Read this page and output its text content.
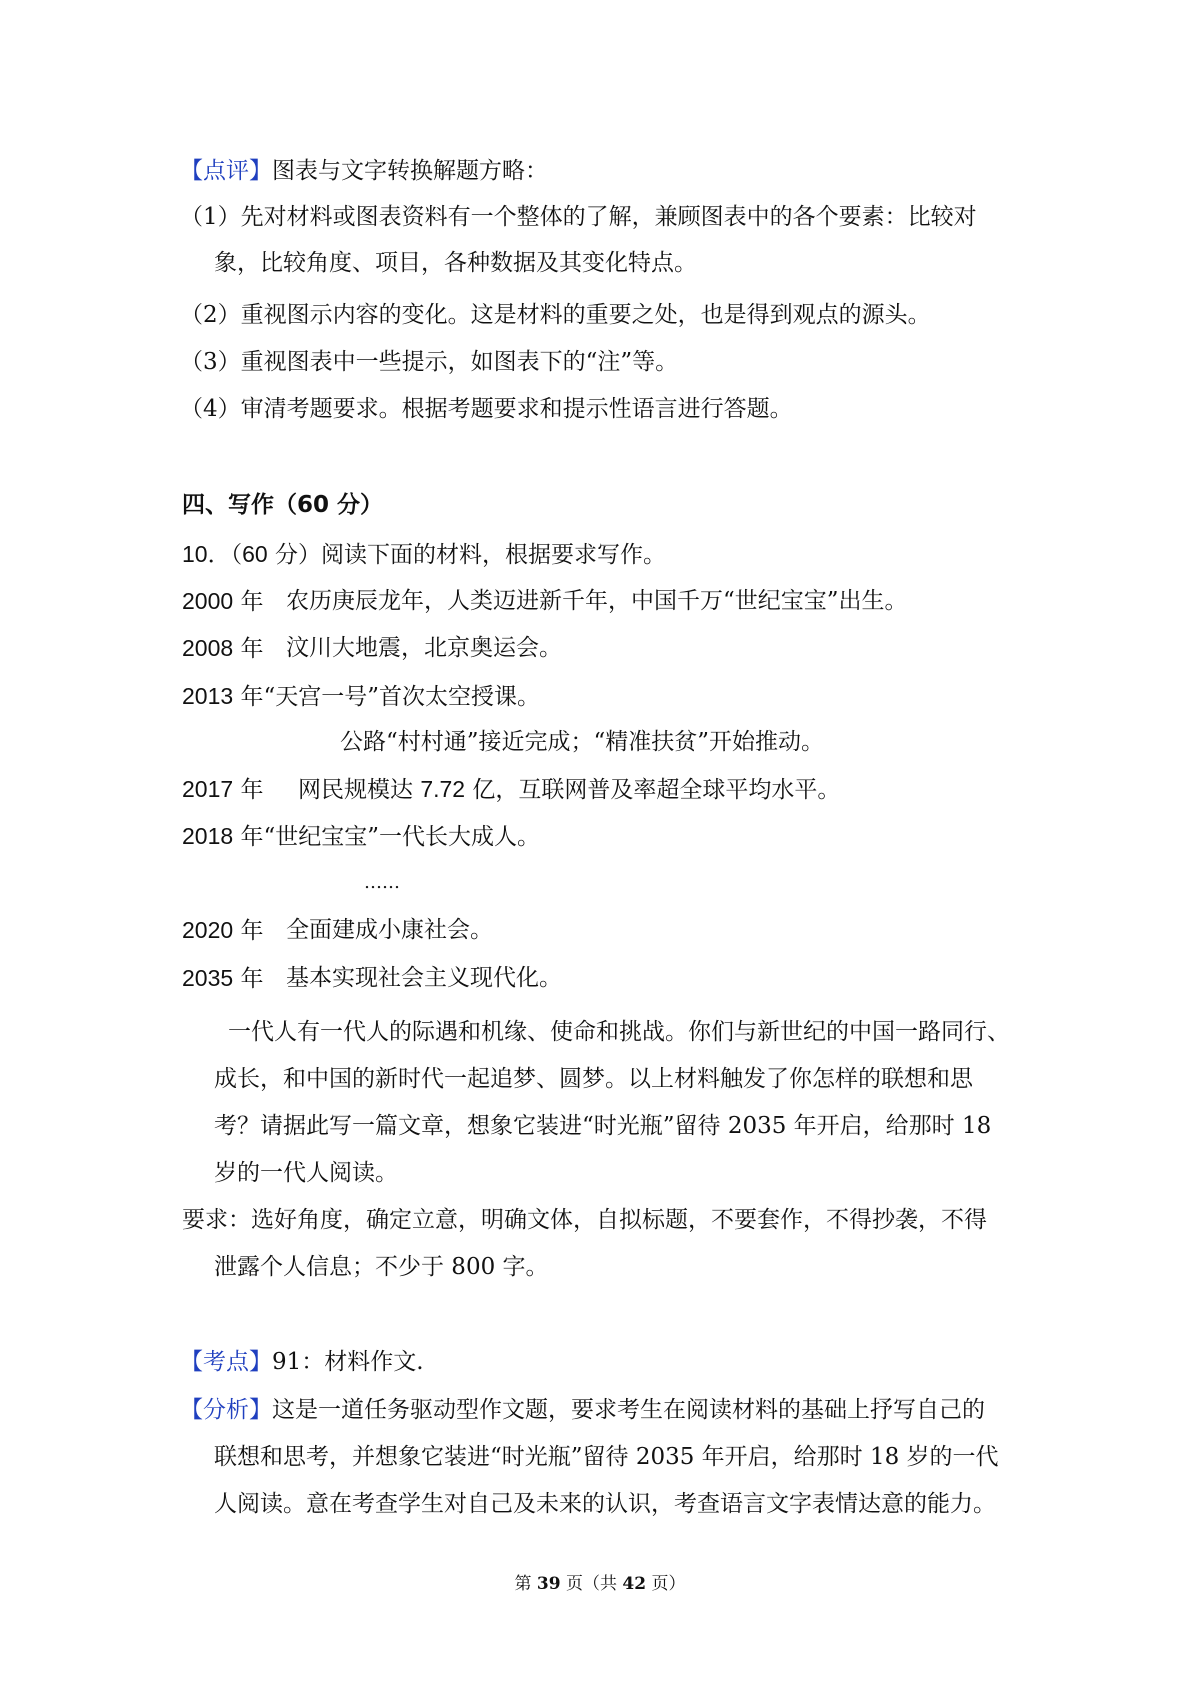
【点评】图表与文字转换解题方略：
（1）先对材料或图表资料有一个整体的了解，兼顾图表中的各个要素：比较对
象，比较角度、项目，各种数据及其变化特点。
（2）重视图示内容的变化。这是材料的重要之处，也是得到观点的源头。
（3）重视图表中一些提示，如图表下的“注”等。
（4）审清考题要求。根据考题要求和提示性语言进行答题。
四、写作（60 分）
10．（60 分）阅读下面的材料，根据要求写作。
2000 年 农历庚辰龙年，人类迈进新千年，中国千万“世纪宝宝”出生。
2008 年 汶川大地震，北京奥运会。
2013 年“天宫一号”首次太空授课。
公路“村村通”接近完成；“精准扶贫”开始推动。
2017 年 网民规模达 7.72 亿，互联网普及率超全球平均水平。
2018 年“世纪宝宝”一代长大成人。
……
2020 年 全面建成小康社会。
2035 年 基本实现社会主义现代化。
一代人有一代人的际遇和机缘、使命和挑战。你们与新世纪的中国一路同行、
成长，和中国的新时代一起追梦、圆梦。以上材料触发了你怎样的联想和思
考？请据此写一篇文章，想象它装进“时光瓶”留待 2035 年开启，给那时 18
岁的一代人阅读。
要求：选好角度，确定立意，明确文体，自拟标题，不要套作，不得抄袭，不得
泄露个人信息；不少于 800 字。
【考点】91：材料作文.
【分析】这是一道任务驱动型作文题，要求考生在阅读材料的基础上抒写自己的
联想和思考，并想象它装进“时光瓶”留待 2035 年开启，给那时 18 岁的一代
人阅读。意在考查学生对自己及未来的认识，考查语言文字表情达意的能力。
第 39 页（共 42 页）
